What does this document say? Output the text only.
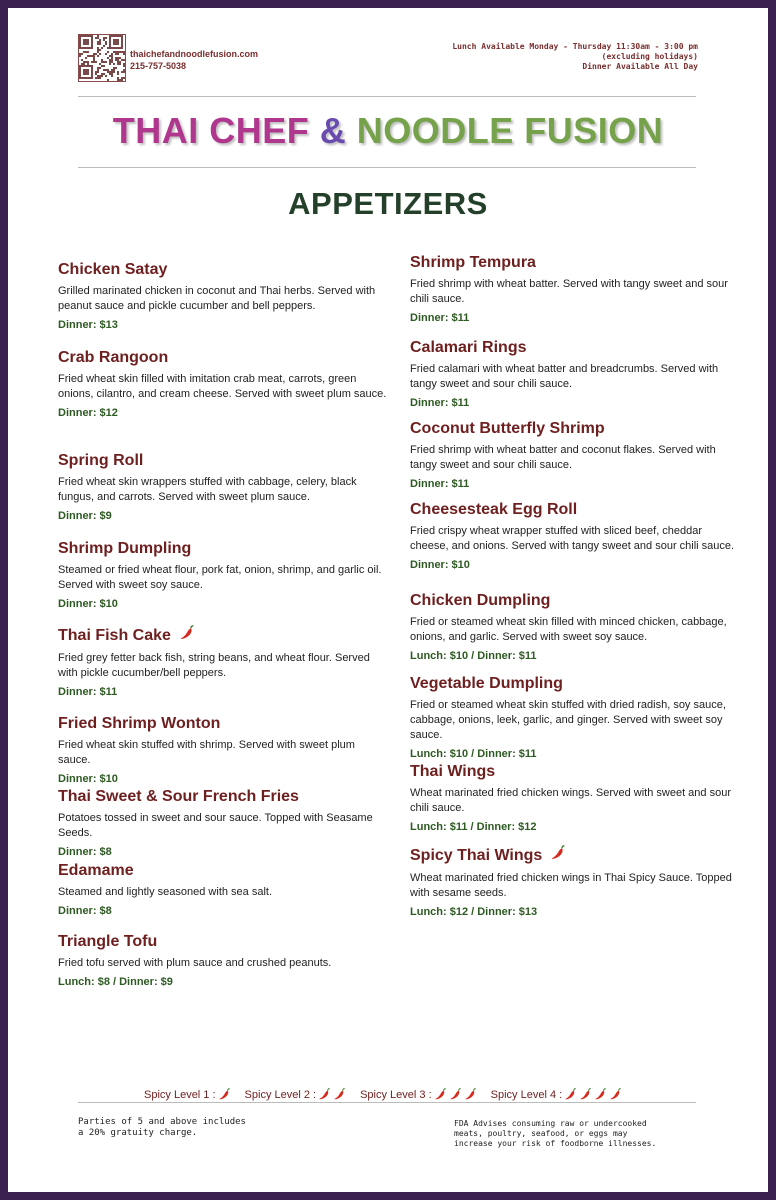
thaichefandnoodlefusion.com
215-757-5038
Lunch Available Monday - Thursday 11:30am - 3:00 pm
(excluding holidays)
Dinner Available All Day
THAI CHEF & NOODLE FUSION
APPETIZERS
Chicken Satay
Grilled marinated chicken in coconut and Thai herbs. Served with peanut sauce and pickle cucumber and bell peppers.
Dinner: $13
Crab Rangoon
Fried wheat skin filled with imitation crab meat, carrots, green onions, cilantro, and cream cheese. Served with sweet plum sauce.
Dinner: $12
Spring Roll
Fried wheat skin wrappers stuffed with cabbage, celery, black fungus, and carrots. Served with sweet plum sauce.
Dinner: $9
Shrimp Dumpling
Steamed or fried wheat flour, pork fat, onion, shrimp, and garlic oil. Served with sweet soy sauce.
Dinner: $10
Thai Fish Cake
Fried grey fetter back fish, string beans, and wheat flour. Served with pickle cucumber/bell peppers.
Dinner: $11
Fried Shrimp Wonton
Fried wheat skin stuffed with shrimp. Served with sweet plum sauce.
Dinner: $10
Thai Sweet & Sour French Fries
Potatoes tossed in sweet and sour sauce. Topped with Seasame Seeds.
Dinner: $8
Edamame
Steamed and lightly seasoned with sea salt.
Dinner: $8
Triangle Tofu
Fried tofu served with plum sauce and crushed peanuts.
Lunch: $8 / Dinner: $9
Shrimp Tempura
Fried shrimp with wheat batter. Served with tangy sweet and sour chili sauce.
Dinner: $11
Calamari Rings
Fried calamari with wheat batter and breadcrumbs. Served with tangy sweet and sour chili sauce.
Dinner: $11
Coconut Butterfly Shrimp
Fried shrimp with wheat batter and coconut flakes. Served with tangy sweet and sour chili sauce.
Dinner: $11
Cheesesteak Egg Roll
Fried crispy wheat wrapper stuffed with sliced beef, cheddar cheese, and onions. Served with tangy sweet and sour chili sauce.
Dinner: $10
Chicken Dumpling
Fried or steamed wheat skin filled with minced chicken, cabbage, onions, and garlic. Served with sweet soy sauce.
Lunch: $10 / Dinner: $11
Vegetable Dumpling
Fried or steamed wheat skin stuffed with dried radish, soy sauce, cabbage, onions, leek, garlic, and ginger. Served with sweet soy sauce.
Lunch: $10 / Dinner: $11
Thai Wings
Wheat marinated fried chicken wings. Served with sweet and sour chili sauce.
Lunch: $11 / Dinner: $12
Spicy Thai Wings
Wheat marinated fried chicken wings in Thai Spicy Sauce. Topped with sesame seeds.
Lunch: $12 / Dinner: $13
Spicy Level 1 :	Spicy Level 2 :	Spicy Level 3 :	Spicy Level 4 :
Parties of 5 and above includes
a 20% gratuity charge.
FDA Advises consuming raw or undercooked
meats, poultry, seafood, or eggs may
increase your risk of foodborne illnesses.
